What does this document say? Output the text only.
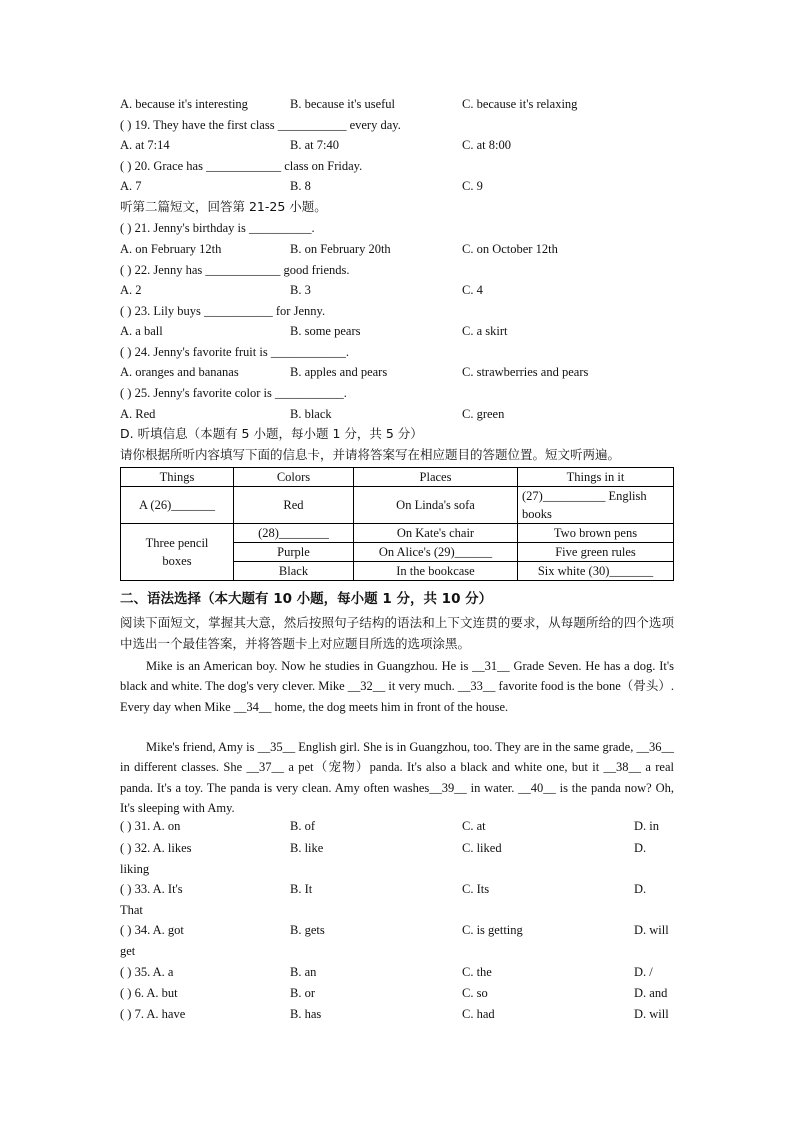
A. because it's interesting	B. because it's useful	C. because it's relaxing
( ) 19. They have the first class ___________ every day.
A. at 7:14	B. at 7:40	C. at 8:00
( ) 20. Grace has ____________ class on Friday.
A. 7	B. 8	C. 9
听第二篇短文，回答第 21-25 小题。
( ) 21. Jenny's birthday is __________.
A. on February 12th	B. on February 20th	C. on October 12th
( ) 22. Jenny has ____________ good friends.
A. 2	B. 3	C. 4
( ) 23. Lily buys ___________ for Jenny.
A. a ball	B. some pears	C. a skirt
( ) 24. Jenny's favorite fruit is ____________.
A. oranges and bananas	B. apples and pears	C. strawberries and pears
( ) 25. Jenny's favorite color is ___________.
A. Red	B. black	C. green
D. 听填信息（本题有 5 小题，每小题 1 分，共 5 分）
请你根据所听内容填写下面的信息卡，并请将答案写在相应题目的答题位置。短文听两遍。
Things	Colors	Places	Things in it
A (26)_______	Red	On Linda's sofa	(27)__________ English
books

Three pencil
boxes	(28)________	On Kate's chair	Two brown pens
	Purple	On Alice's (29)______	Five green rules
	Black	In the bookcase	Six white (30)_______
二、语法选择（本大题有 10 小题，每小题 1 分，共 10 分）
阅读下面短文，掌握其大意，然后按照句子结构的语法和上下文连贯的要求，从每题所给的四个选项中选出一个最佳答案，并将答题卡上对应题目所选的选项涂黑。
Mike is an American boy. Now he studies in Guangzhou. He is __31__ Grade Seven. He has a dog. It's black and white. The dog's very clever. Mike __32__ it very much. __33__ favorite food is the bone（骨头）. Every day when Mike __34__ home, the dog meets him in front of the house.
Mike's friend, Amy is __35__ English girl. She is in Guangzhou, too. They are in the same grade, __36__ in different classes. She __37__ a pet（宠物）panda. It's also a black and white one, but it __38__ a real panda. It's a toy. The panda is very clean. Amy often washes__39__ in water. __40__ is the panda now? Oh, It's sleeping with Amy.
( ) 31. A. on	B. of	C. at	D. in
( ) 32. A. likes	B. like	C. liked	D.
liking
( ) 33. A. It's	B. It	C. Its	D.
That
( ) 34. A. got	B. gets	C. is getting	D. will
get
( ) 35. A. a	B. an	C. the	D. /
( ) 6. A. but	B. or	C. so	D. and
( ) 7. A. have	B. has	C. had	D. will
